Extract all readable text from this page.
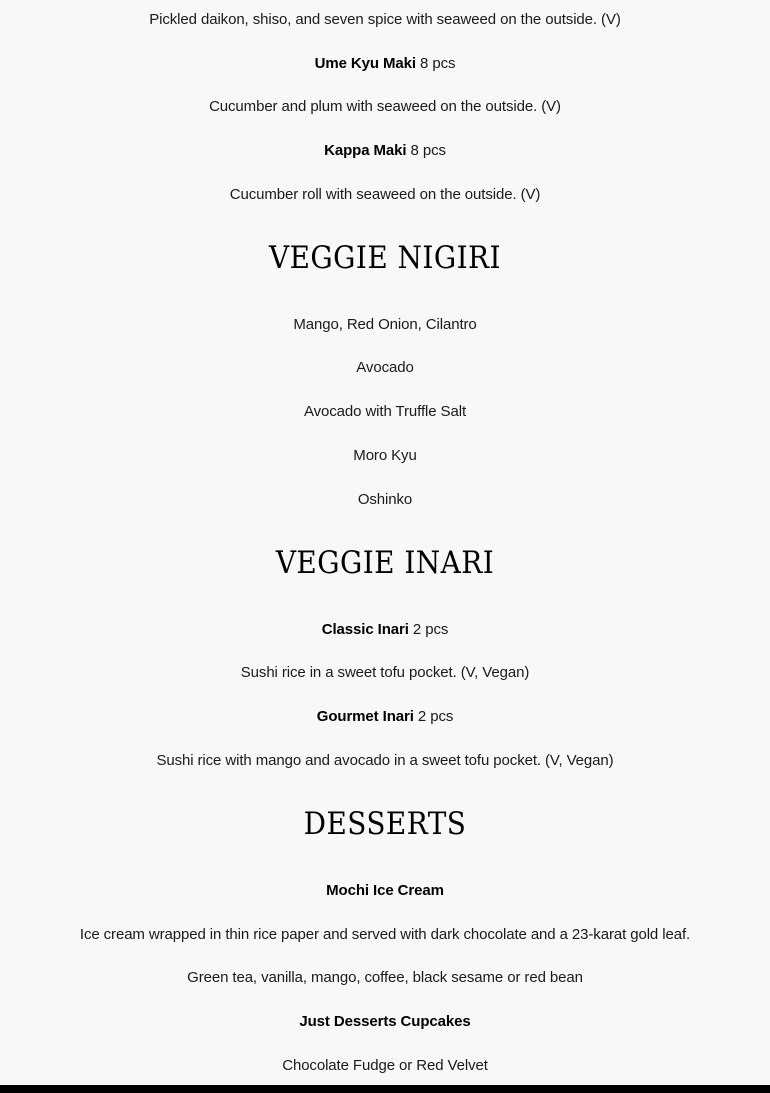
Pickled daikon, shiso, and seven spice with seaweed on the outside. (V)
Ume Kyu Maki 8 pcs
Cucumber and plum with seaweed on the outside. (V)
Kappa Maki 8 pcs
Cucumber roll with seaweed on the outside. (V)
VEGGIE NIGIRI
Mango, Red Onion, Cilantro
Avocado
Avocado with Truffle Salt
Moro Kyu
Oshinko
VEGGIE INARI
Classic Inari 2 pcs
Sushi rice in a sweet tofu pocket. (V, Vegan)
Gourmet Inari 2 pcs
Sushi rice with mango and avocado in a sweet tofu pocket. (V, Vegan)
DESSERTS
Mochi Ice Cream
Ice cream wrapped in thin rice paper and served with dark chocolate and a 23-karat gold leaf.
Green tea, vanilla, mango, coffee, black sesame or red bean
Just Desserts Cupcakes
Chocolate Fudge or Red Velvet
